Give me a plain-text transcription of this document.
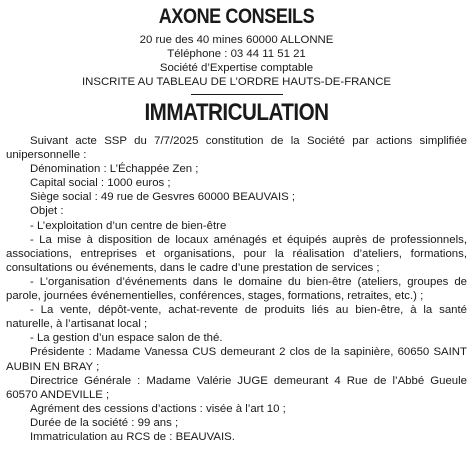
AXONE CONSEILS
20 rue des 40 mines 60000 ALLONNE
Téléphone : 03 44 11 51 21
Société d’Expertise comptable
INSCRITE AU TABLEAU DE L’ORDRE HAUTS-DE-FRANCE
IMMATRICULATION

Suivant acte SSP du 7/7/2025 constitution de la Société par actions simplifiée unipersonnelle :

Dénomination : L’Échappée Zen ;
Capital social : 1000 euros ;
Siège social : 49 rue de Gesvres 60000 BEAUVAIS ;
Objet :

- L’exploitation d’un centre de bien-être

- La mise à disposition de locaux aménagés et équipés auprès de professionnels, associations, entreprises et organisations, pour la réalisation d’ateliers, formations, consultations ou événements, dans le cadre d’une prestation de services ;

- L’organisation d’événements dans le domaine du bien-être (ateliers, groupes de parole, journées événementielles, conférences, stages, formations, retraites, etc.) ;

- La vente, dépôt-vente, achat-revente de produits liés au bien-être, à la santé naturelle, à l’artisanat local ;

- La gestion d’un espace salon de thé.

Présidente : Madame Vanessa CUS demeurant 2 clos de la sapinière, 60650 SAINT AUBIN EN BRAY ;

Directrice Générale : Madame Valérie JUGE demeurant 4 Rue de l’Abbé Gueule 60570 ANDEVILLE ;

Agrément des cessions d’actions : visée à l’art 10 ;
Durée de la société : 99 ans ;
Immatriculation au RCS de : BEAUVAIS.
